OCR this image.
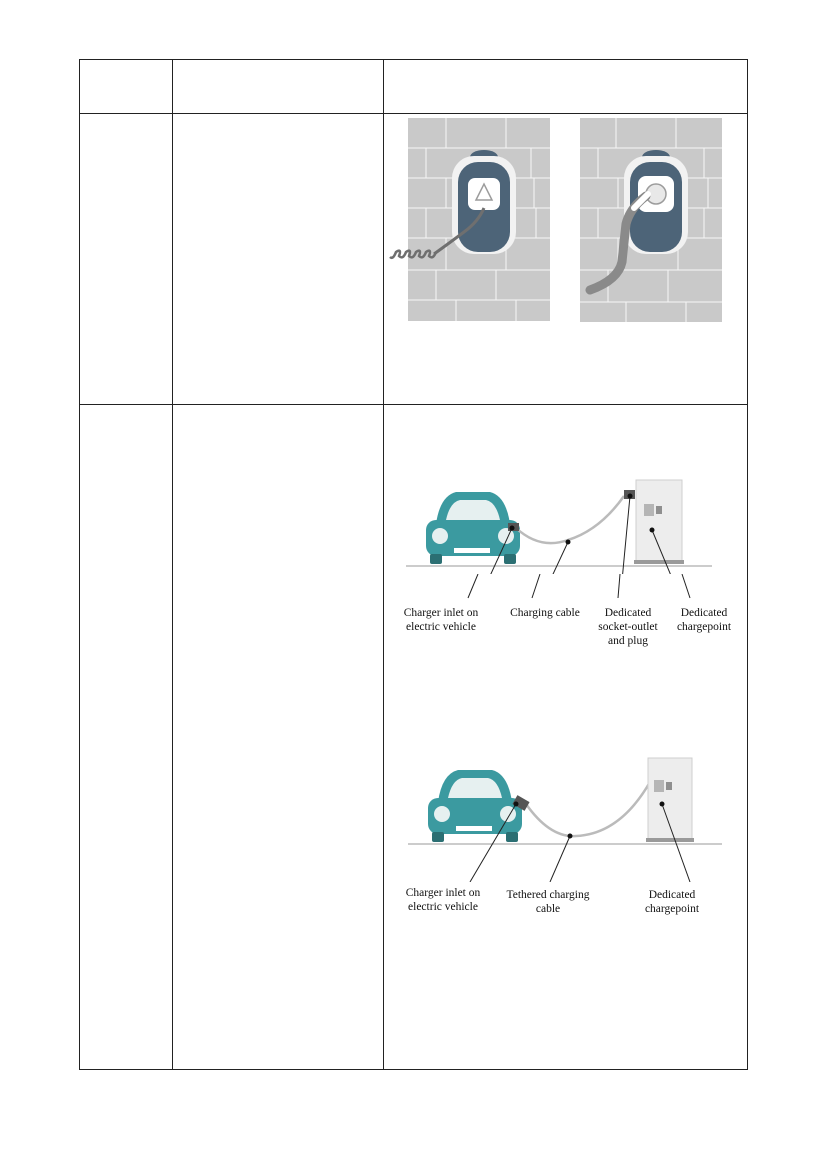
Charger inlet on
electric vehicle
Charging cable	Dedicated
socket-outlet
and plug
Dedicated
chargepoint
Charger inlet on
electric vehicle
Tethered charging
cable
Dedicated
chargepoint
